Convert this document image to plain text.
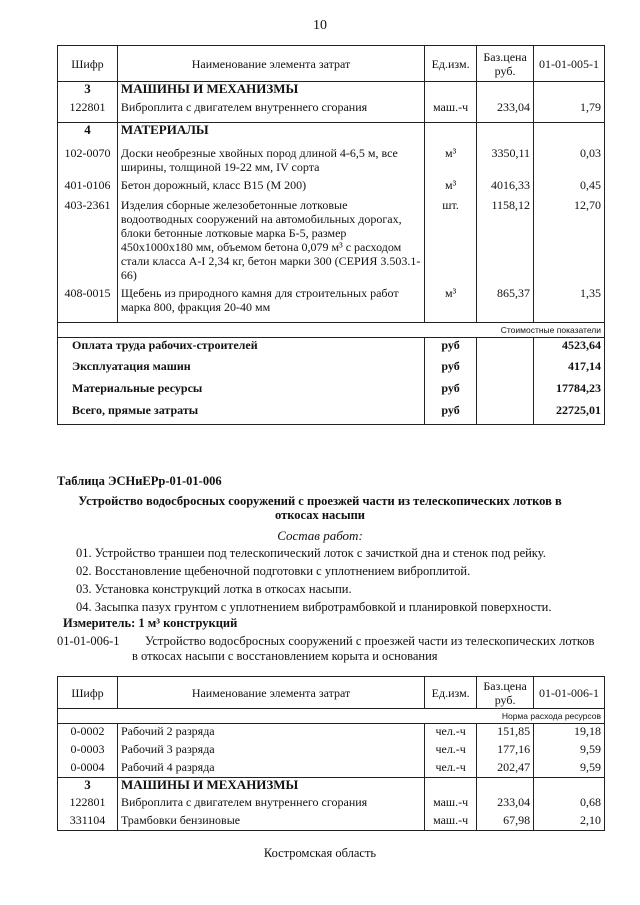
10
Шифр	Наименование элемента затрат	Ед.изм.	Баз.цена руб.	01-01-005-1
3	МАШИНЫ И МЕХАНИЗМЫ			
122801	Виброплита с двигателем внутреннего сгорания	маш.-ч	233,04	1,79
4	МАТЕРИАЛЫ			
102-0070	Доски необрезные хвойных пород длиной 4-6,5 м, все ширины, толщиной 19-22 мм, IV сорта	м³	3350,11	0,03
401-0106	Бетон дорожный, класс В15 (М 200)	м³	4016,33	0,45
403-2361	Изделия сборные железобетонные лотковые водоотводных сооружений на автомобильных дорогах, блоки бетонные лотковые марка Б-5, размер 450x1000x180 мм, объемом бетона 0,079 м³ с расходом стали класса А-I 2,34 кг, бетон марки 300 (СЕРИЯ 3.503.1-66)	шт.	1158,12	12,70
408-0015	Щебень из природного камня для строительных работ марка 800, фракция 20-40 мм	м³	865,37	1,35
	Стоимостные показатели			
Оплата труда рабочих-строителей		руб		4523,64
Эксплуатация машин		руб		417,14
Материальные ресурсы		руб		17784,23
Всего, прямые затраты		руб		22725,01
Таблица ЭСНиЕРр-01-01-006
Устройство водосбросных сооружений с проезжей части из телескопических лотков в
откосах насыпи
Состав работ:
01. Устройство траншеи под телескопический лоток с зачисткой дна и стенок под рейку.
02. Восстановление щебеночной подготовки с уплотнением виброплитой.
03. Установка конструкций лотка в откосах насыпи.
04. Засыпка пазух грунтом с уплотнением вибротрамбовкой и планировкой поверхности.
Измеритель: 1 м³ конструкций
01-01-006-1 Устройство водосбросных сооружений с проезжей части из телескопических лотков
в откосах насыпи с восстановлением корыта и основания
Шифр	Наименование элемента затрат	Ед.изм.	Баз.цена руб.	01-01-006-1
	Норма расхода ресурсов			
0-0002	Рабочий 2 разряда	чел.-ч	151,85	19,18
0-0003	Рабочий 3 разряда	чел.-ч	177,16	9,59
0-0004	Рабочий 4 разряда	чел.-ч	202,47	9,59
3	МАШИНЫ И МЕХАНИЗМЫ			
122801	Виброплита с двигателем внутреннего сгорания	маш.-ч	233,04	0,68
331104	Трамбовки бензиновые	маш.-ч	67,98	2,10
Костромская область
